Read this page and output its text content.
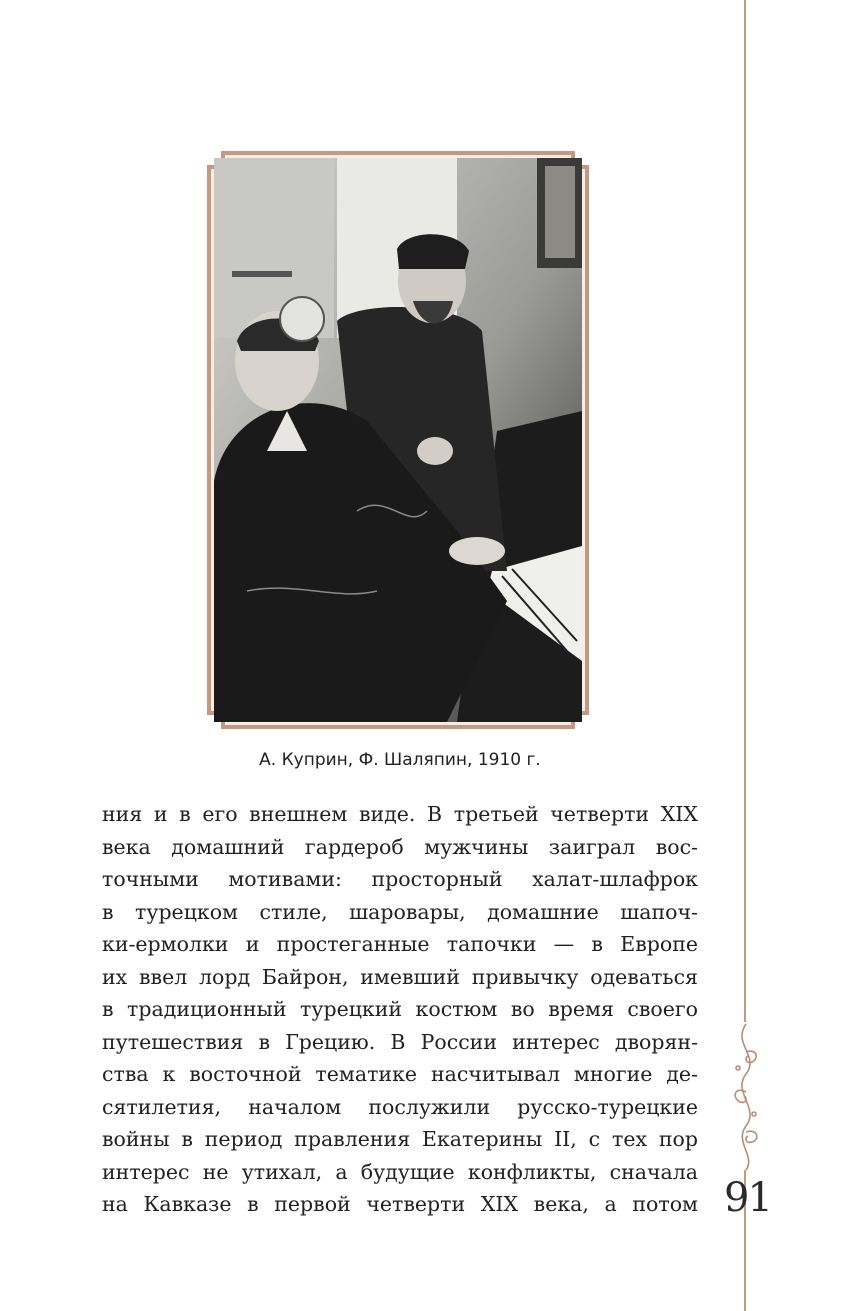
91
А. Куприн, Ф. Шаляпин, 1910 г.
ния и в его внешнем виде. В третьей четверти XIX
века домашний гардероб мужчины заиграл вос-
точными мотивами: просторный халат-шлафрок
в турецком стиле, шаровары, домашние шапоч-
ки-ермолки и простеганные тапочки — в Европе
их ввел лорд Байрон, имевший привычку одеваться
в традиционный турецкий костюм во время своего
путешествия в Грецию. В России интерес дворян-
ства к восточной тематике насчитывал многие де-
сятилетия, началом послужили русско-турецкие
войны в период правления Екатерины II, с тех пор
интерес не утихал, а будущие конфликты, сначала
на Кавказе в первой четверти XIX века, а потом
